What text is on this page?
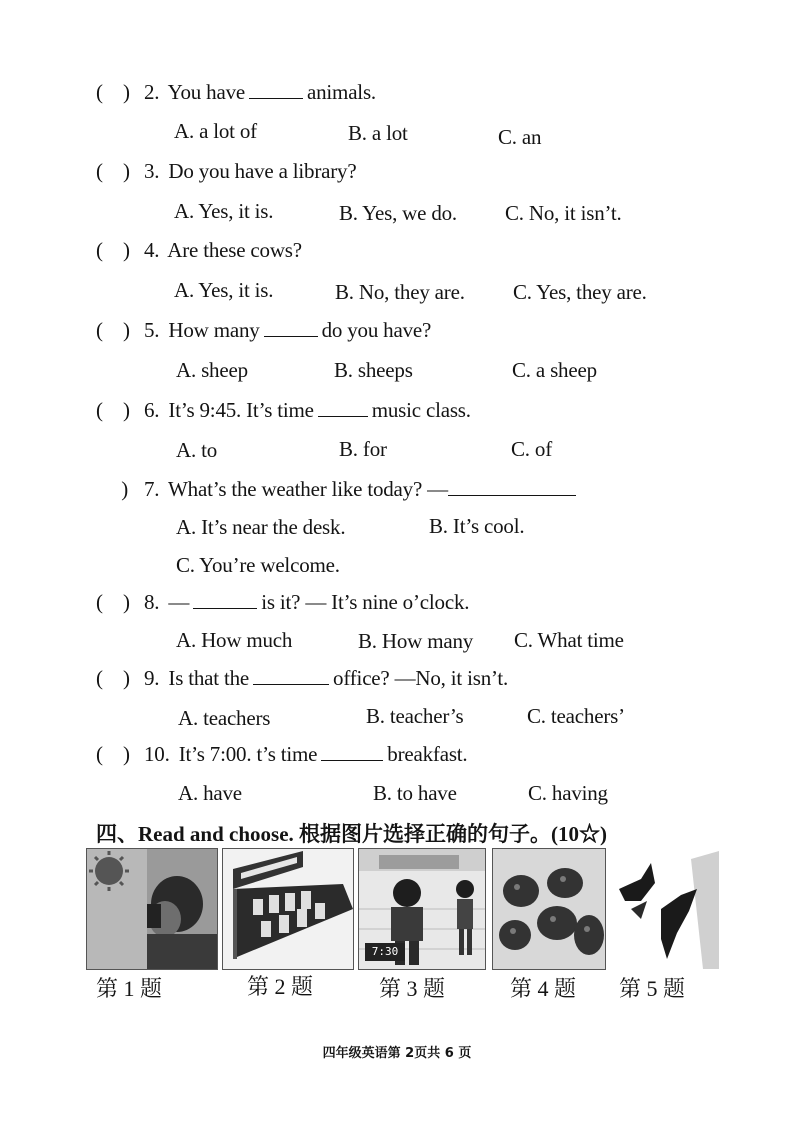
( ) 2. You have	animals.
A. a lot of	B. a lot	C. an
( ) 3. Do you have a library?
A. Yes, it is.	B. Yes, we do. C. No, it isn’t.
( ) 4. Are these cows?
A. Yes, it is.	B. No, they are. C. Yes, they are.
( ) 5. How many	do you have?
A. sheep	B. sheeps	C. a sheep
( ) 6. It’s 9:45. It’s time	music class.
A. to	B. for	C. of
) 7. What’s the weather like today? —
A. It’s near the desk.	B. It’s cool.
C. You’re welcome.
( ) 8. —	is it? — It’s nine o’clock.
A. How much	B. How many C. What time
( ) 9. Is that the	office? —No, it isn’t.
A. teachers	B. teacher’s	C. teachers’
( ) 10. It’s 7:00. t’s time	breakfast.
A. have	B. to have	C. having
四、Read and choose. 根据图片选择正确的句子。(10☆)
7:30
第 1 题	第 2 题	第 3 题	第 4 题 第 5 题
四年级英语第 2页共 6 页
